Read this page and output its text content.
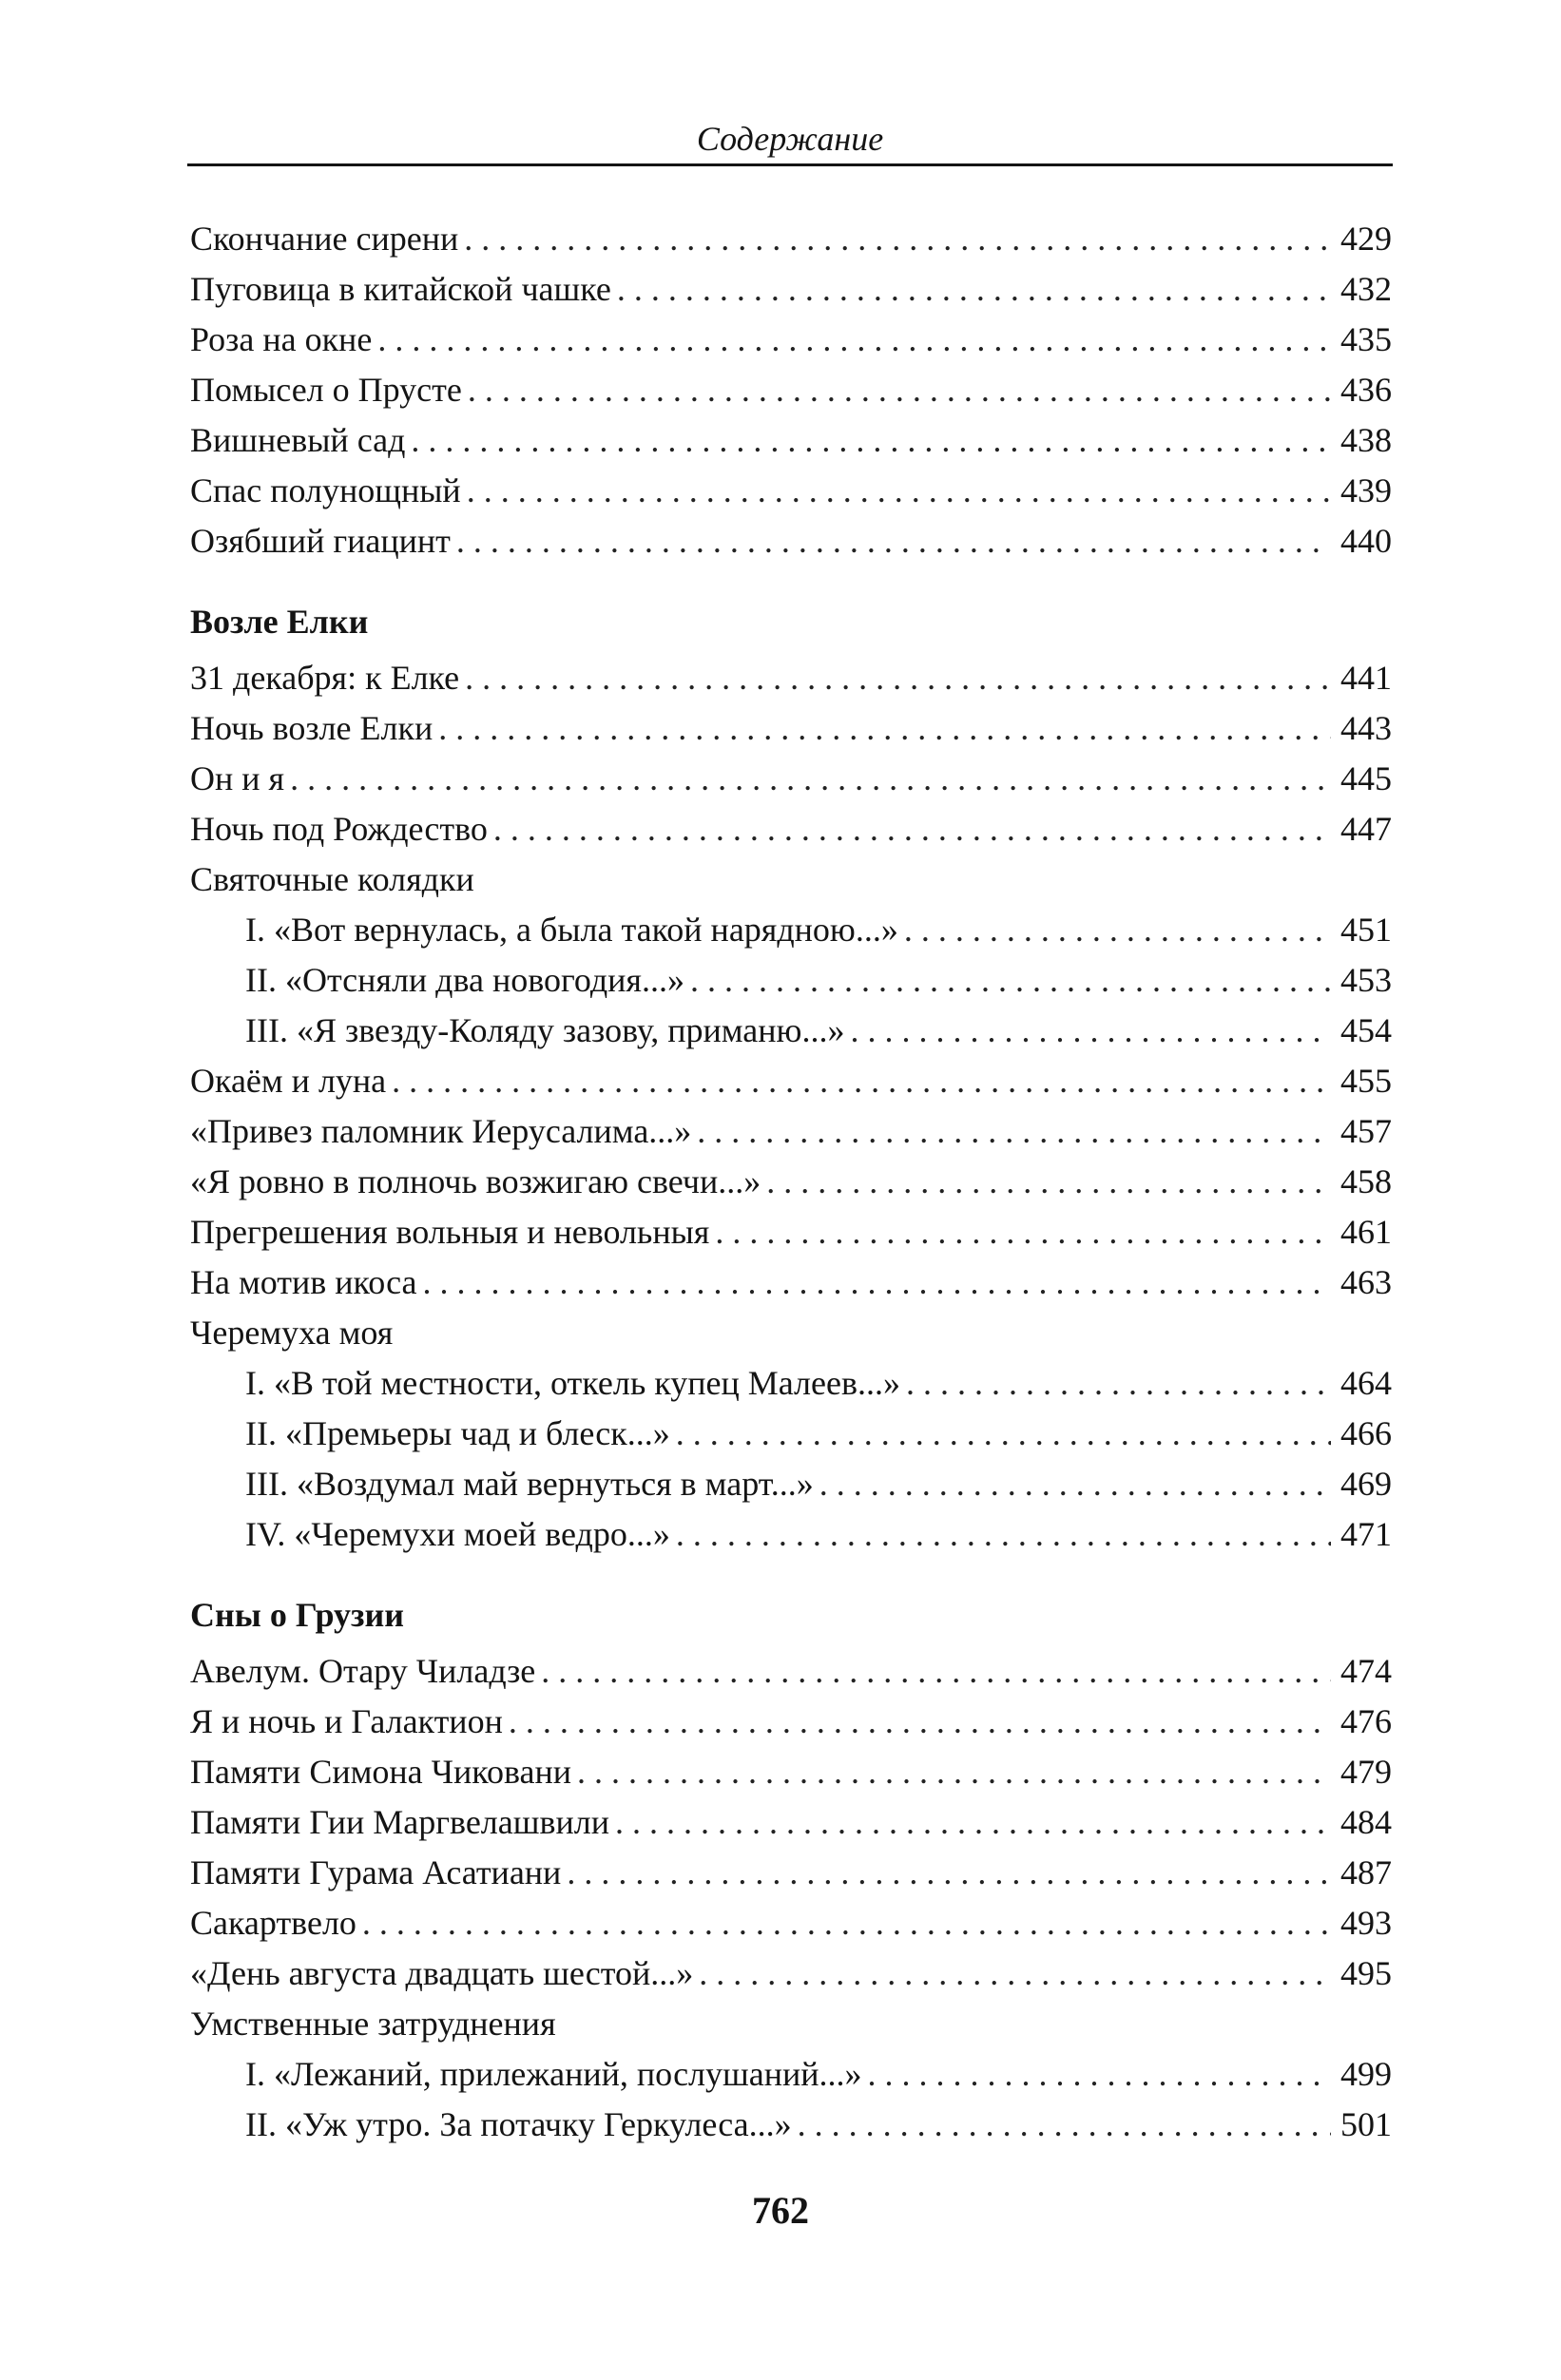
Содержание
Скончание сирени . . .	429
Пуговица в китайской чашке . . .	432
Роза на окне . . .	435
Помысел о Прусте . . .	436
Вишневый сад . . .	438
Спас полунощный . . .	439
Озябший гиацинт . . .	440
Возле Елки
31 декабря: к Елке . . .	441
Ночь возле Елки . . .	443
Он и я . . .	445
Ночь под Рождество . . .	447
Святочные колядки
I. «Вот вернулась, а была такой нарядною...» . . .	451
II. «Отсняли два новогодия...» . . .	453
III. «Я звезду-Коляду зазову, приманю...» . . .	454
Окаём и луна . . .	455
«Привез паломник Иерусалима...» . . .	457
«Я ровно в полночь возжигаю свечи...» . . .	458
Прегрешения вольныя и невольныя . . .	461
На мотив икоса . . .	463
Черемуха моя
I. «В той местности, откель купец Малеев...» . . .	464
II. «Премьеры чад и блеск...» . . .	466
III. «Воздумал май вернуться в март...» . . .	469
IV. «Черемухи моей ведро...» . . .	471
Сны о Грузии
Авелум. Отару Чиладзе . . .	474
Я и ночь и Галактион . . .	476
Памяти Симона Чиковани . . .	479
Памяти Гии Маргвелашвили . . .	484
Памяти Гурама Асатиани . . .	487
Сакартвело . . .	493
«День августа двадцать шестой...» . . .	495
Умственные затруднения
I. «Лежаний, прилежаний, послушаний...» . . .	499
II. «Уж утро. За потачку Геркулеса...» . . .	501
762
